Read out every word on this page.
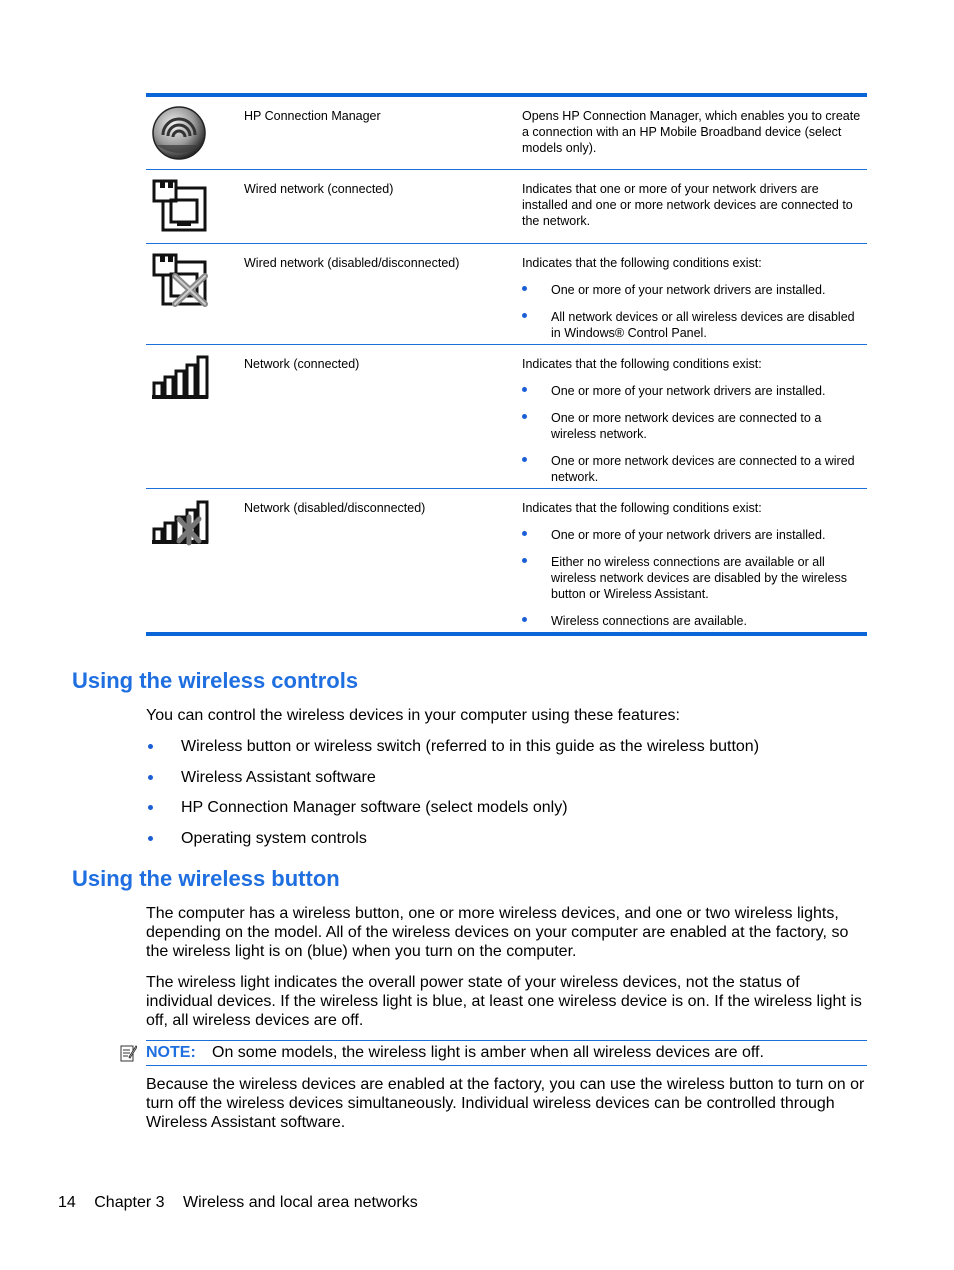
HP Connection Manager	Opens HP Connection Manager, which enables you to create a connection with an HP Mobile Broadband device (select models only).

Wired network (connected)	Indicates that one or more of your network drivers are installed and one or more network devices are connected to the network.

Wired network (disabled/disconnected)	Indicates that the following conditions exist:

One or more of your network drivers are installed.
All network devices or all wireless devices are disabled in Windows® Control Panel.
Network (connected)	Indicates that the following conditions exist:

One or more of your network drivers are installed.
One or more network devices are connected to a wireless network.
One or more network devices are connected to a wired network.
Network (disabled/disconnected)	Indicates that the following conditions exist:

One or more of your network drivers are installed.
Either no wireless connections are available or all wireless network devices are disabled by the wireless button or Wireless Assistant.
Wireless connections are available.
Using the wireless controls

You can control the wireless devices in your computer using these features:

Wireless button or wireless switch (referred to in this guide as the wireless button)
Wireless Assistant software
HP Connection Manager software (select models only)
Operating system controls
Using the wireless button

The computer has a wireless button, one or more wireless devices, and one or two wireless lights, depending on the model. All of the wireless devices on your computer are enabled at the factory, so the wireless light is on (blue) when you turn on the computer.

The wireless light indicates the overall power state of your wireless devices, not the status of individual devices. If the wireless light is blue, at least one wireless device is on. If the wireless light is off, all wireless devices are off.

NOTE: On some models, the wireless light is amber when all wireless devices are off.

Because the wireless devices are enabled at the factory, you can use the wireless button to turn on or turn off the wireless devices simultaneously. Individual wireless devices can be controlled through Wireless Assistant software.

14 Chapter 3 Wireless and local area networks
